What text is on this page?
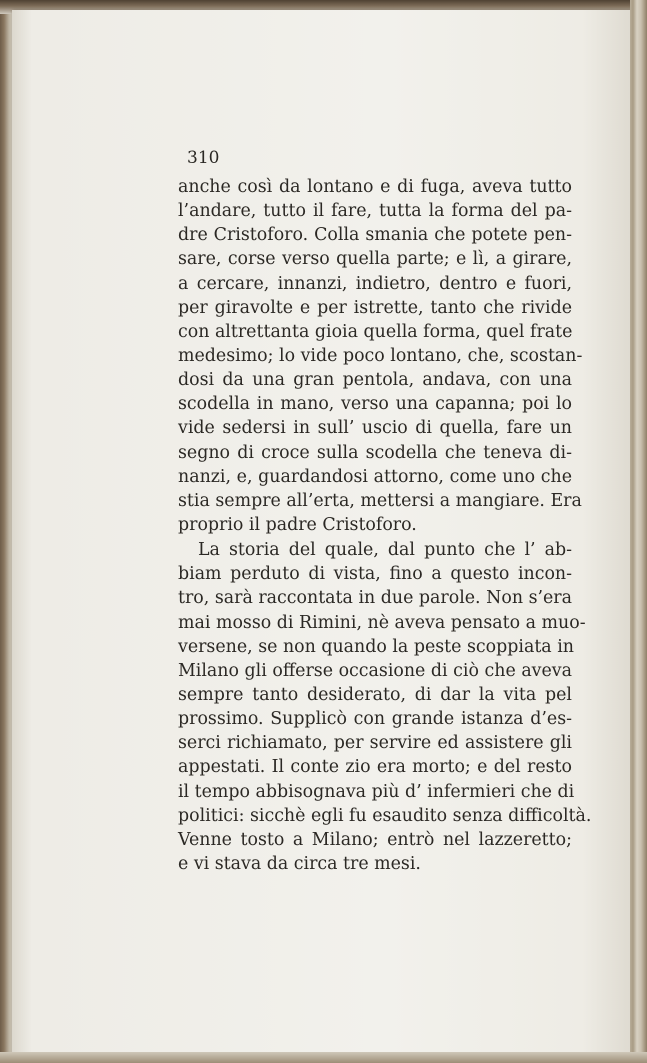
310
anche così da lontano e di fuga, aveva tutto
l’andare, tutto il fare, tutta la forma del pa-
dre Cristoforo. Colla smania che potete pen-
sare, corse verso quella parte; e lì, a girare,
a cercare, innanzi, indietro, dentro e fuori,
per giravolte e per istrette, tanto che rivide
con altrettanta gioia quella forma, quel frate
medesimo; lo vide poco lontano, che, scostan-
dosi da una gran pentola, andava, con una
scodella in mano, verso una capanna; poi lo
vide sedersi in sull’ uscio di quella, fare un
segno di croce sulla scodella che teneva di-
nanzi, e, guardandosi attorno, come uno che
stia sempre all’erta, mettersi a mangiare. Era
proprio il padre Cristoforo.
La storia del quale, dal punto che l’ ab-
biam perduto di vista, fino a questo incon-
tro, sarà raccontata in due parole. Non s’era
mai mosso di Rimini, nè aveva pensato a muo-
versene, se non quando la peste scoppiata in
Milano gli offerse occasione di ciò che aveva
sempre tanto desiderato, di dar la vita pel
prossimo. Supplicò con grande istanza d’es-
serci richiamato, per servire ed assistere gli
appestati. Il conte zio era morto; e del resto
il tempo abbisognava più d’ infermieri che di
politici: sicchè egli fu esaudito senza difficoltà.
Venne tosto a Milano; entrò nel lazzeretto;
e vi stava da circa tre mesi.
